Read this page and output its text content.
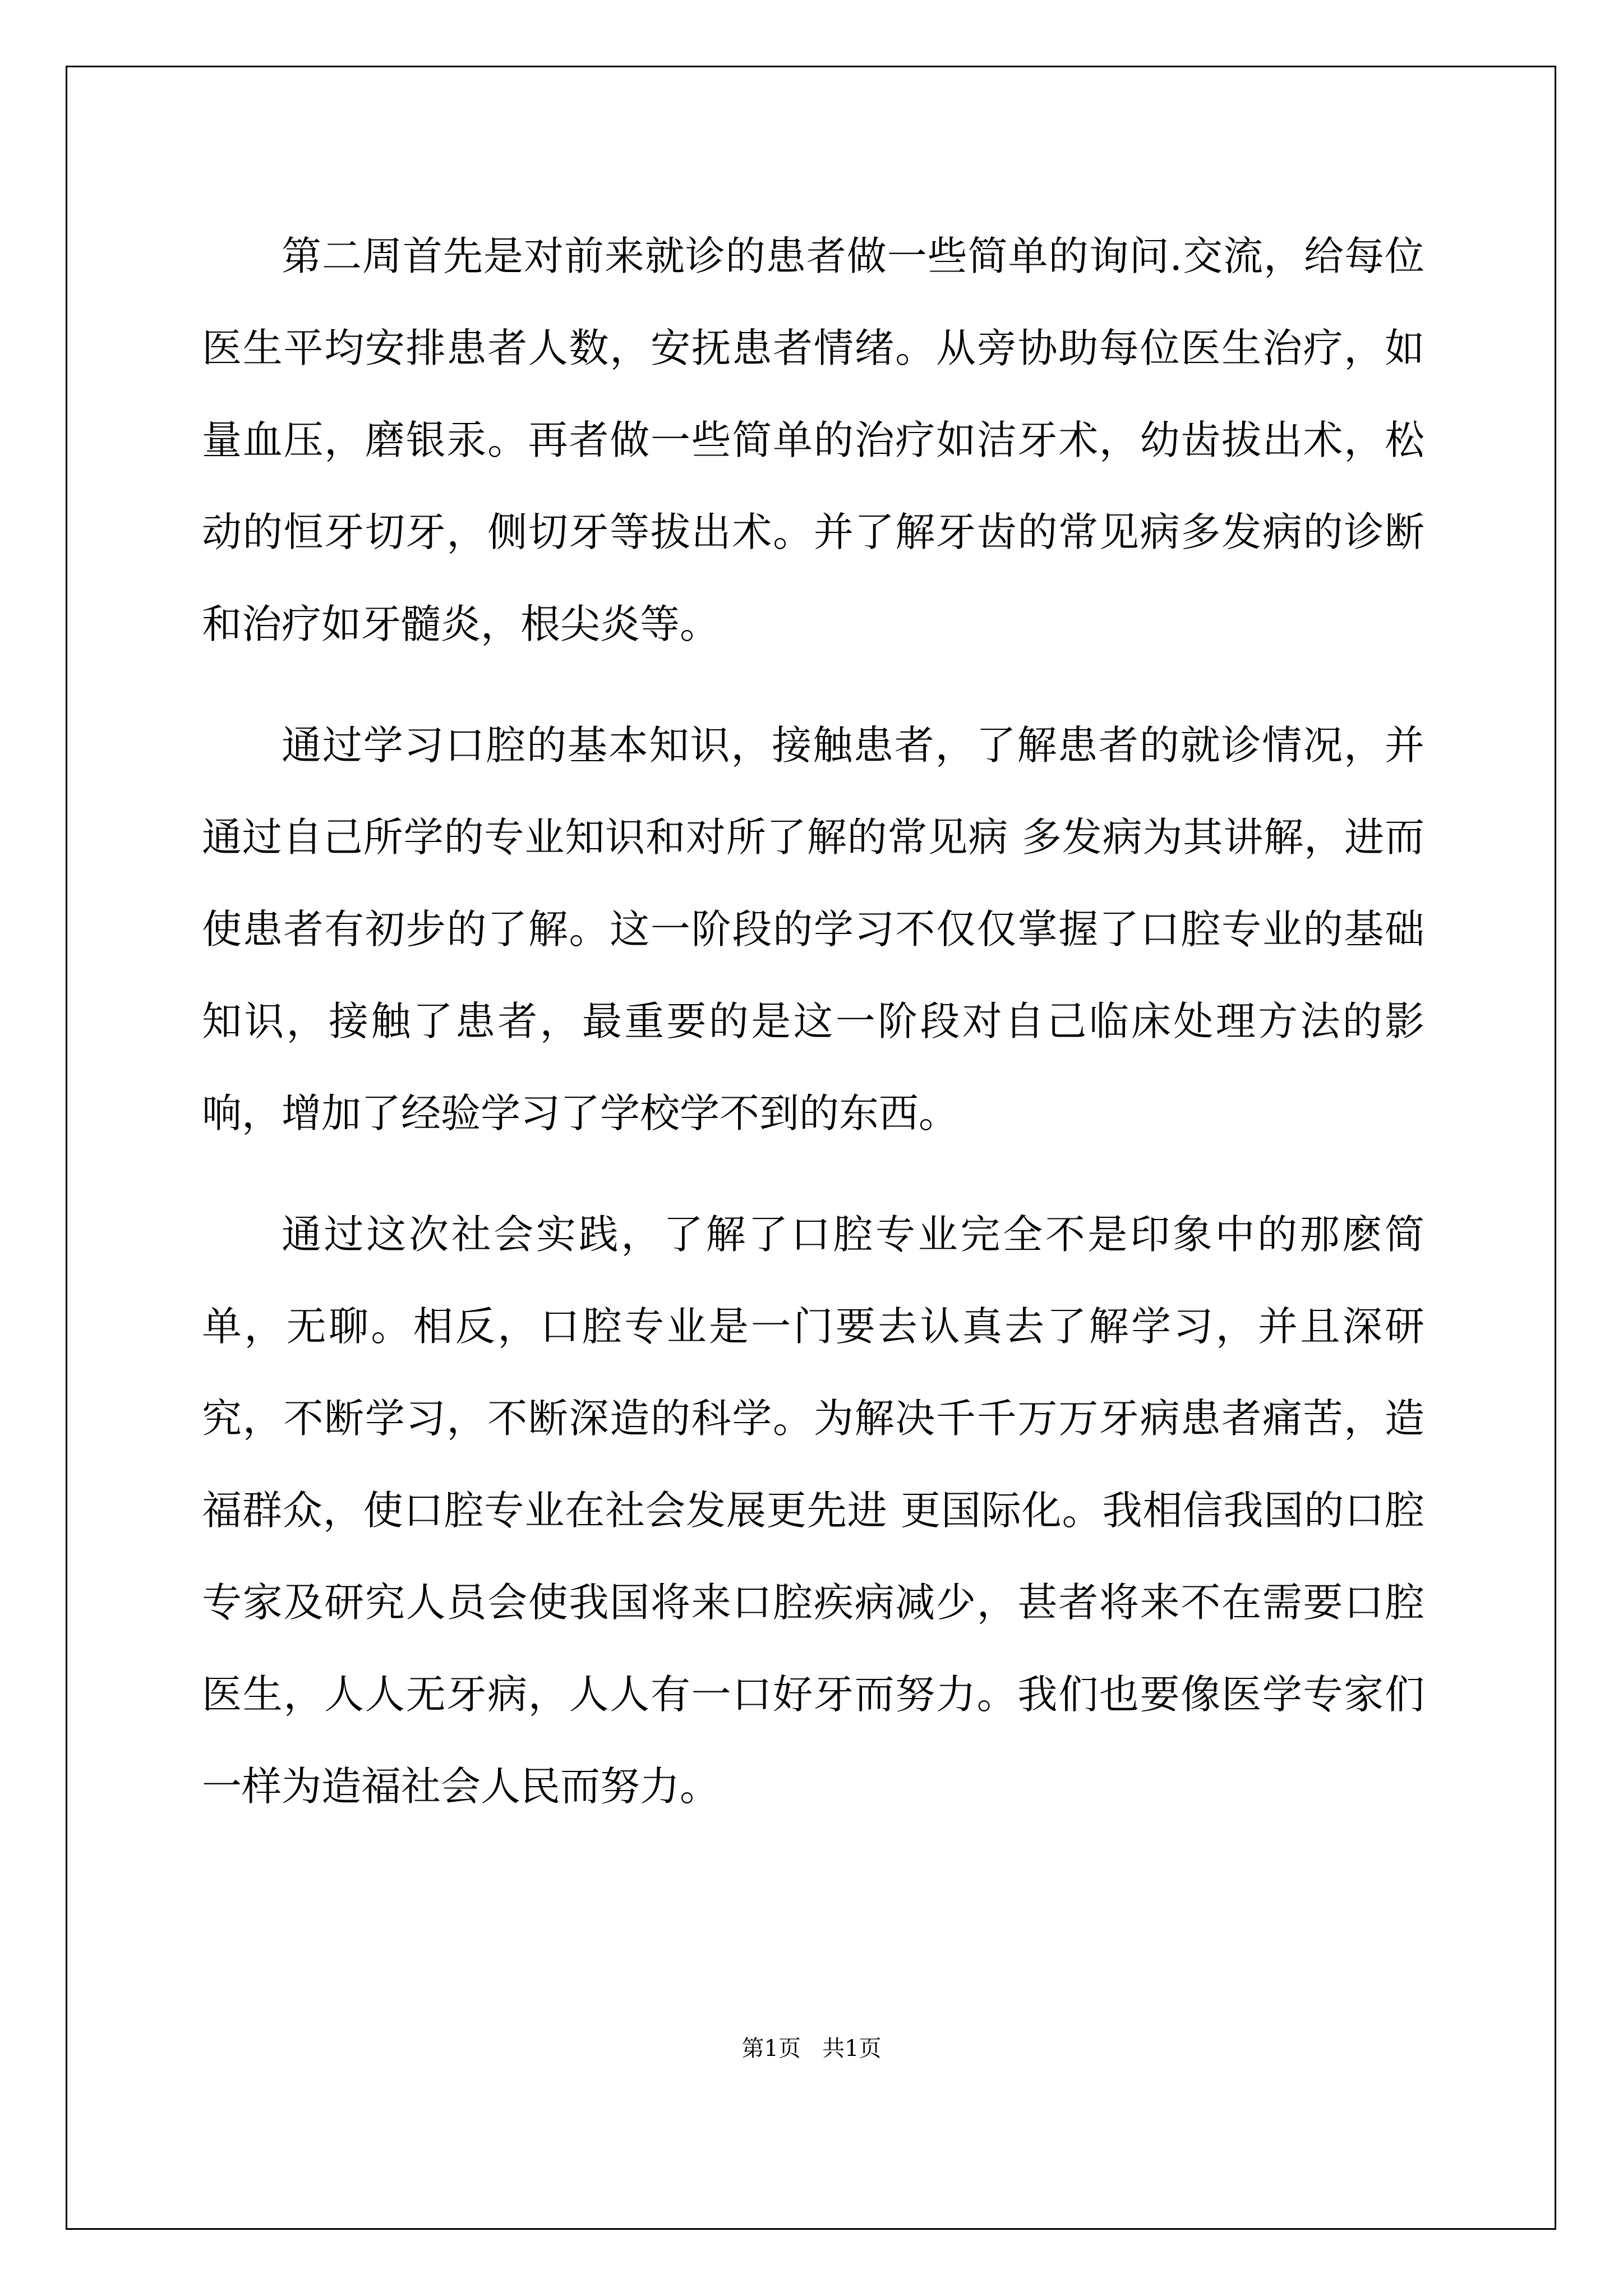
第二周首先是对前来就诊的患者做一些简单的询问.交流，给每位医生平均安排患者人数，安抚患者情绪。从旁协助每位医生治疗，如量血压，磨银汞。再者做一些简单的治疗如洁牙术，幼齿拔出术，松动的恒牙切牙，侧切牙等拔出术。并了解牙齿的常见病多发病的诊断和治疗如牙髓炎，根尖炎等。

通过学习口腔的基本知识，接触患者，了解患者的就诊情况，并通过自己所学的专业知识和对所了解的常见病 多发病为其讲解，进而使患者有初步的了解。这一阶段的学习不仅仅掌握了口腔专业的基础知识，接触了患者，最重要的是这一阶段对自己临床处理方法的影响，增加了经验学习了学校学不到的东西。

通过这次社会实践，了解了口腔专业完全不是印象中的那麽简单，无聊。相反，口腔专业是一门要去认真去了解学习，并且深研究，不断学习，不断深造的科学。为解决千千万万牙病患者痛苦，造福群众，使口腔专业在社会发展更先进 更国际化。我相信我国的口腔专家及研究人员会使我国将来口腔疾病减少，甚者将来不在需要口腔医生，人人无牙病，人人有一口好牙而努力。我们也要像医学专家们一样为造福社会人民而努力。

第1页 共1页
